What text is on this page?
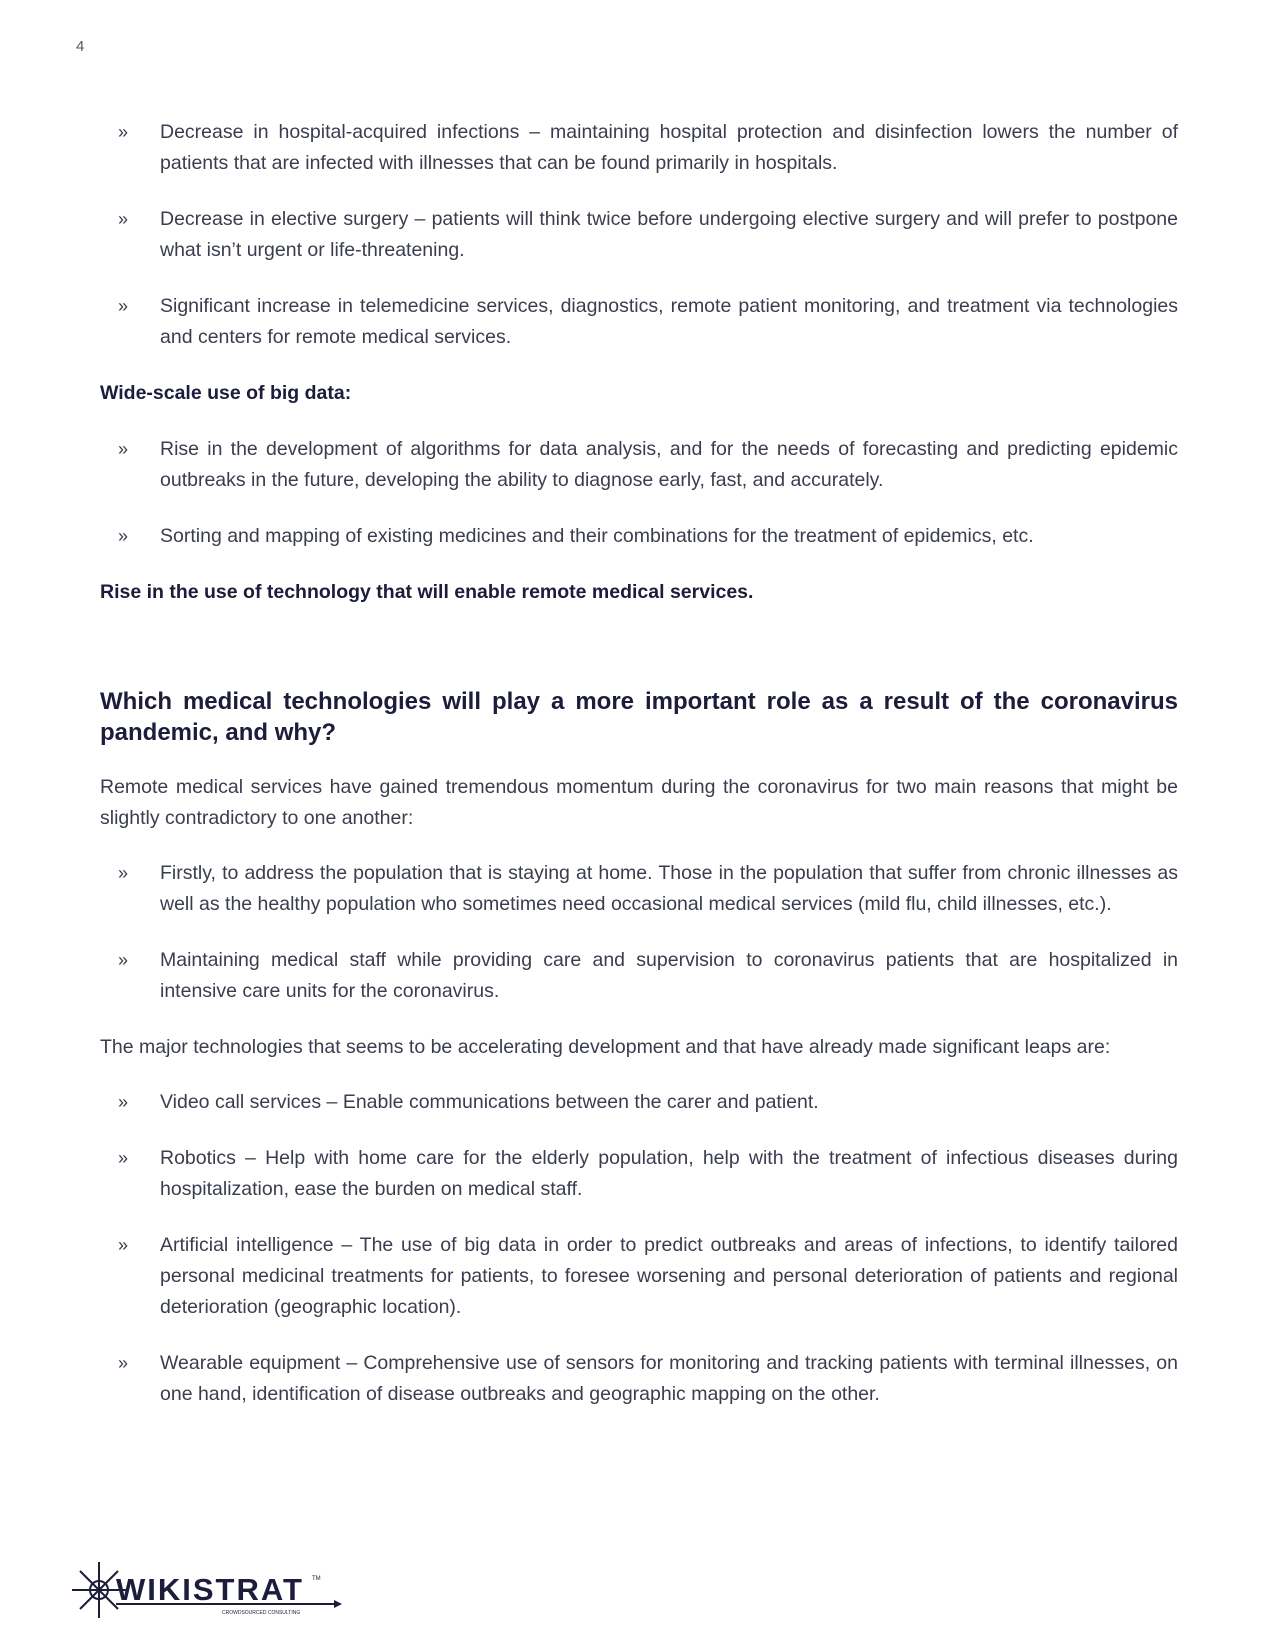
4
» Decrease in hospital-acquired infections – maintaining hospital protection and disinfection lowers the number of patients that are infected with illnesses that can be found primarily in hospitals.
» Decrease in elective surgery – patients will think twice before undergoing elective surgery and will prefer to postpone what isn’t urgent or life-threatening.
» Significant increase in telemedicine services, diagnostics, remote patient monitoring, and treatment via technologies and centers for remote medical services.
Wide-scale use of big data:
» Rise in the development of algorithms for data analysis, and for the needs of forecasting and predicting epidemic outbreaks in the future, developing the ability to diagnose early, fast, and accurately.
» Sorting and mapping of existing medicines and their combinations for the treatment of epidemics, etc.
Rise in the use of technology that will enable remote medical services.
Which medical technologies will play a more important role as a result of the coronavirus pandemic, and why?
Remote medical services have gained tremendous momentum during the coronavirus for two main reasons that might be slightly contradictory to one another:
» Firstly, to address the population that is staying at home. Those in the population that suffer from chronic illnesses as well as the healthy population who sometimes need occasional medical services (mild flu, child illnesses, etc.).
» Maintaining medical staff while providing care and supervision to coronavirus patients that are hospitalized in intensive care units for the coronavirus.
The major technologies that seems to be accelerating development and that have already made significant leaps are:
» Video call services – Enable communications between the carer and patient.
» Robotics – Help with home care for the elderly population, help with the treatment of infectious diseases during hospitalization, ease the burden on medical staff.
» Artificial intelligence – The use of big data in order to predict outbreaks and areas of infections, to identify tailored personal medicinal treatments for patients, to foresee worsening and personal deterioration of patients and regional deterioration (geographic location).
» Wearable equipment – Comprehensive use of sensors for monitoring and tracking patients with terminal illnesses, on one hand, identification of disease outbreaks and geographic mapping on the other.
WIKISTRAT TM
CROWDSOURCED CONSULTING
